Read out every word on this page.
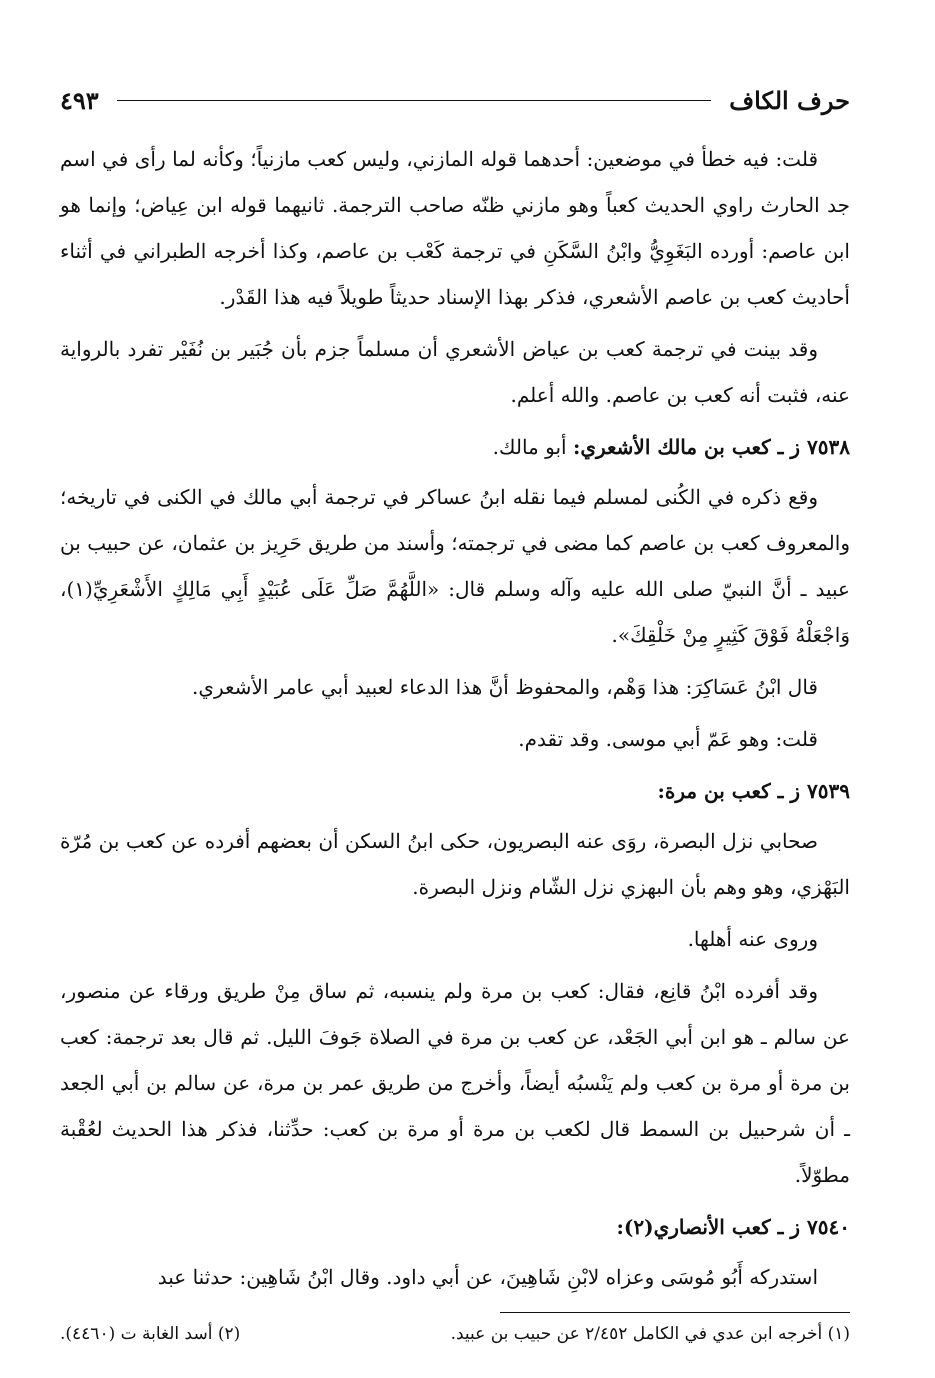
حرف الكاف
٤٩٣

قلت: فيه خطأ في موضعين: أحدهما قوله المازني، وليس كعب مازنياً؛ وكأنه لما رأى في اسم جد الحارث راوي الحديث كعباً وهو مازني ظنّه صاحب الترجمة. ثانيهما قوله ابن عِياض؛ وإنما هو ابن عاصم: أورده البَغَوِيُّ وابْنُ السَّكَنِ في ترجمة كَعْب بن عاصم، وكذا أخرجه الطبراني في أثناء أحاديث كعب بن عاصم الأشعري، فذكر بهذا الإسناد حديثاً طويلاً فيه هذا القَدْر.

وقد بينت في ترجمة كعب بن عياض الأشعري أن مسلماً جزم بأن جُبَير بن نُفَيْر تفرد بالرواية عنه، فثبت أنه كعب بن عاصم. والله أعلم.

٧٥٣٨ ز ـ كعب بن مالك الأشعري: أبو مالك.

وقع ذكره في الكُنى لمسلم فيما نقله ابنُ عساكر في ترجمة أبي مالك في الكنى في تاريخه؛ والمعروف كعب بن عاصم كما مضى في ترجمته؛ وأسند من طريق حَرِيز بن عثمان، عن حبيب بن عبيد ـ أنَّ النبيّ صلى الله عليه وآله وسلم قال: «اللَّهُمَّ صَلِّ عَلَى عُبَيْدٍ أَبِي مَالِكٍ الأَشْعَرِيِّ(١)، وَاجْعَلْهُ فَوْقَ كَثِيرٍ مِنْ خَلْقِكَ».

قال ابْنُ عَسَاكِرَ: هذا وَهْم، والمحفوظ أنَّ هذا الدعاء لعبيد أبي عامر الأشعري.

قلت: وهو عَمّ أبي موسى. وقد تقدم.

٧٥٣٩ ز ـ كعب بن مرة:

صحابي نزل البصرة، روَى عنه البصريون، حكى ابنُ السكن أن بعضهم أفرده عن كعب بن مُرّة البَهْزي، وهو وهم بأن البهزي نزل الشّام ونزل البصرة.

وروى عنه أهلها.

وقد أفرده ابْنُ قانِع، فقال: كعب بن مرة ولم ينسبه، ثم ساق مِنْ طريق ورقاء عن منصور، عن سالم ـ هو ابن أبي الجَعْد، عن كعب بن مرة في الصلاة جَوفَ الليل. ثم قال بعد ترجمة: كعب بن مرة أو مرة بن كعب ولم يَنْسبُه أيضاً، وأخرج من طريق عمر بن مرة، عن سالم بن أبي الجعد ـ أن شرحبيل بن السمط قال لكعب بن مرة أو مرة بن كعب: حدِّثنا، فذكر هذا الحديث لعُقْبة مطوّلاً.

٧٥٤٠ ز ـ كعب الأنصاري(٢):

استدركه أَبُو مُوسَى وعزاه لابْنِ شَاهِينَ، عن أبي داود. وقال ابْنُ شَاهِين: حدثنا عبد

(١) أخرجه ابن عدي في الكامل ٢/٤٥٢ عن حبيب بن عبيد.
(٢) أسد الغابة ت (٤٤٦٠).
